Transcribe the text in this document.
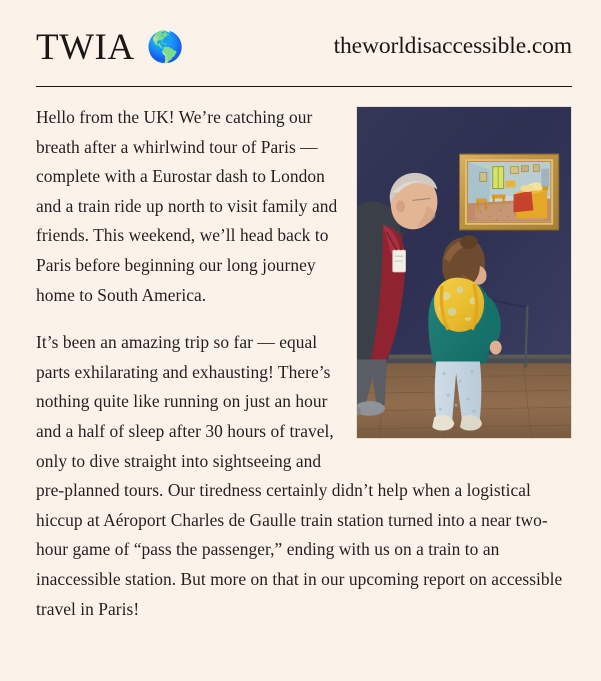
TWIA 🌎	theworldisaccessible.com

Hello from the UK! We’re catching our breath after a whirlwind tour of Paris — complete with a Eurostar dash to London and a train ride up north to visit family and friends. This weekend, we’ll head back to Paris before beginning our long journey home to South America.

It’s been an amazing trip so far — equal parts exhilarating and exhausting! There’s nothing quite like running on just an hour and a half of sleep after 30 hours of travel, only to dive straight into sightseeing and pre-planned tours. Our tiredness certainly didn’t help when a logistical hiccup at Aéroport Charles de Gaulle train station turned into a near two-hour game of “pass the passenger,” ending with us on a train to an inaccessible station. But more on that in our upcoming report on accessible travel in Paris!
